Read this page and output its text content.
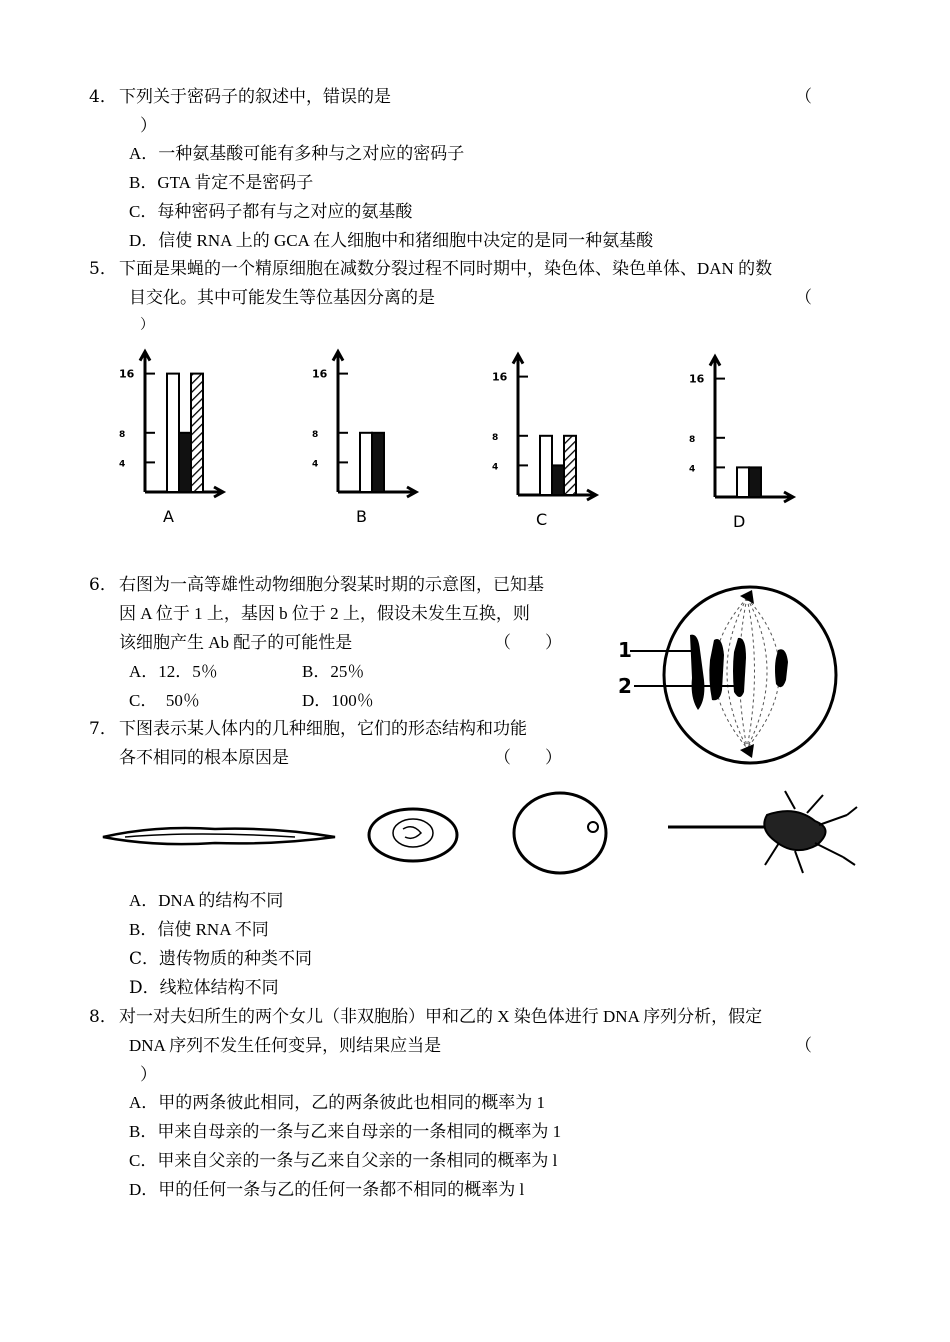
4． 下列关于密码子的叙述中，错误的是	（
）
A．一种氨基酸可能有多种与之对应的密码子
B．GTA 肯定不是密码子
C．每种密码子都有与之对应的氨基酸
D．信使 RNA 上的 GCA 在人细胞中和猪细胞中决定的是同一种氨基酸
5． 下面是果蝇的一个精原细胞在减数分裂过程不同时期中，染色体、染色单体、DAN 的数
目交化。其中可能发生等位基因分离的是	（
）
4
8
16
A
4
8
16
B
4
8
16
C
4
8
16
D
6． 右图为一高等雄性动物细胞分裂某时期的示意图，已知基
因 A 位于 1 上，基因 b 位于 2 上，假设未发生互换，则
该细胞产生 Ab 配子的可能性是	（　　）
A．12．5％	B．25％
C．　50％	D．100％
1
2
7． 下图表示某人体内的几种细胞，它们的形态结构和功能
各不相同的根本原因是	（　　）
A．DNA 的结构不同
B．信使 RNA 不同
C．遗传物质的种类不同
D．线粒体结构不同
8． 对一对夫妇所生的两个女儿（非双胞胎）甲和乙的 X 染色体进行 DNA 序列分析，假定
DNA 序列不发生任何变异，则结果应当是	（
）
A．甲的两条彼此相同，乙的两条彼此也相同的概率为 1
B．甲来自母亲的一条与乙来自母亲的一条相同的概率为 1
C．甲来自父亲的一条与乙来自父亲的一条相同的概率为 l
D．甲的任何一条与乙的任何一条都不相同的概率为 l
